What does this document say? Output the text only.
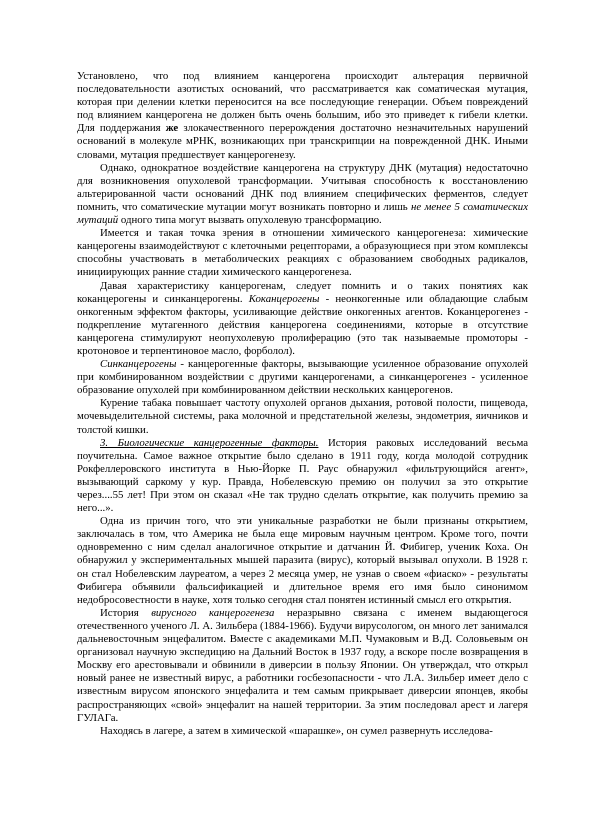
Установлено, что под влиянием канцерогена происходит альтерация первичной последовательности азотистых оснований, что рассматривается как соматическая мутация, которая при делении клетки переносится на все последующие генерации. Объем повреждений под влиянием канцерогена не должен быть очень большим, ибо это приведет к гибели клетки. Для поддержания же злокачественного перерождения достаточно незначительных нарушений оснований в молекуле мРНК, возникающих при транскрипции на поврежденной ДНК. Иными словами, мутация предшествует канцерогенезу.

Однако, однократное воздействие канцерогена на структуру ДНК (мутация) недостаточно для возникновения опухолевой трансформации. Учитывая способность к восстановлению альтерированной части оснований ДНК под влиянием специфических ферментов, следует помнить, что соматические мутации могут возникать повторно и лишь не менее 5 соматических мутаций одного типа могут вызвать опухолевую трансформацию.

Имеется и такая точка зрения в отношении химического канцерогенеза: химические канцерогены взаимодействуют с клеточными рецепторами, а образующиеся при этом комплексы способны участвовать в метаболических реакциях с образованием свободных радикалов, инициирующих ранние стадии химического канцерогенеза.

Давая характеристику канцерогенам, следует помнить и о таких понятиях как коканцерогены и синканцерогены. Коканцерогены - неонкогенные или обладающие слабым онкогенным эффектом факторы, усиливающие действие онкогенных агентов. Коканцерогенез - подкрепление мутагенного действия канцерогена соединениями, которые в отсутствие канцерогена стимулируют неопухолевую пролиферацию (это так называемые промоторы - кротоновое и терпентиновое масло, форболол).

Синканцерогены - канцерогенные факторы, вызывающие усиленное образование опухолей при комбинированном воздействии с другими канцерогенами, а синканцерогенез - усиленное образование опухолей при комбинированном действии нескольких канцерогенов.

Курение табака повышает частоту опухолей органов дыхания, ротовой полости, пищевода, мочевыделительной системы, рака молочной и предстательной железы, эндометрия, яичников и толстой кишки.

3. Биологические канцерогенные факторы. История раковых исследований весьма поучительна. Самое важное открытие было сделано в 1911 году, когда молодой сотрудник Рокфеллеровского института в Нью-Йорке П. Раус обнаружил «фильтрующийся агент», вызывающий саркому у кур. Правда, Нобелевскую премию он получил за это открытие через....55 лет! При этом он сказал «Не так трудно сделать открытие, как получить премию за него...».

Одна из причин того, что эти уникальные разработки не были признаны открытием, заключалась в том, что Америка не была еще мировым научным центром. Кроме того, почти одновременно с ним сделал аналогичное открытие и датчанин Й. Фибигер, ученик Коха. Он обнаружил у экспериментальных мышей паразита (вирус), который вызывал опухоли. В 1928 г. он стал Нобелевским лауреатом, а через 2 месяца умер, не узнав о своем «фиаско» - результаты Фибигера объявили фальсификацией и длительное время его имя было синонимом недобросовестности в науке, хотя только сегодня стал понятен истинный смысл его открытия.

История вирусного канцерогенеза неразрывно связана с именем выдающегося отечественного ученого Л. А. Зильбера (1884-1966). Будучи вирусологом, он много лет занимался дальневосточным энцефалитом. Вместе с академиками М.П. Чумаковым и В.Д. Соловьевым он организовал научную экспедицию на Дальний Восток в 1937 году, а вскоре после возвращения в Москву его арестовывали и обвинили в диверсии в пользу Японии. Он утверждал, что открыл новый ранее не известный вирус, а работники госбезопасности - что Л.А. Зильбер имеет дело с известным вирусом японского энцефалита и тем самым прикрывает диверсии японцев, якобы распространяющих «свой» энцефалит на нашей территории. За этим последовал арест и лагеря ГУЛАГа.

Находясь в лагере, а затем в химической «шарашке», он сумел развернуть исследова-
